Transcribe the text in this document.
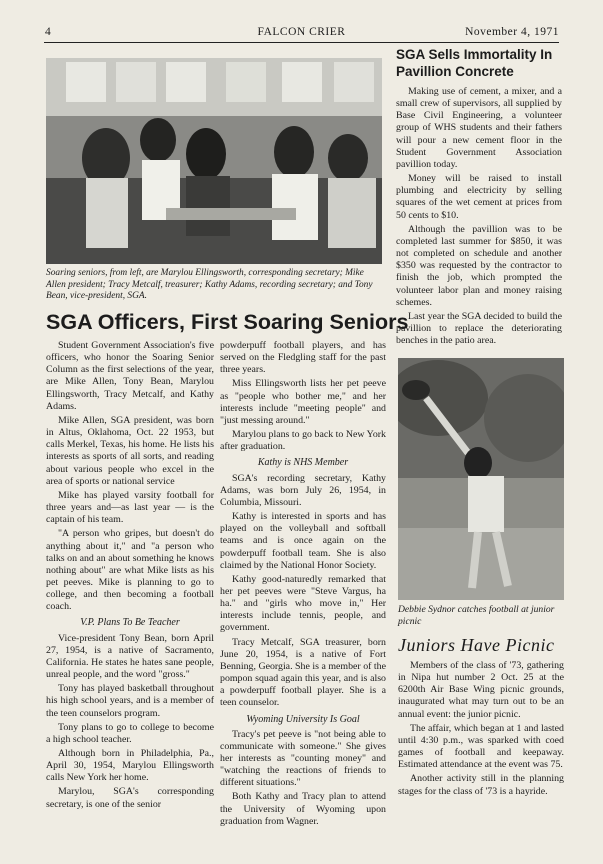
4	FALCON CRIER	November 4, 1971
Soaring seniors, from left, are Marylou Ellingsworth, corresponding secretary; Mike Allen president; Tracy Metcalf, treasurer; Kathy Adams, recording secretary; and Tony Bean, vice-president, SGA.
SGA Officers, First Soaring Seniors

Student Government Association's five officers, who honor the Soaring Senior Column as the first selections of the year, are Mike Allen, Tony Bean, Marylou Ellingsworth, Tracy Metcalf, and Kathy Adams.

Mike Allen, SGA president, was born in Altus, Oklahoma, Oct. 22 1953, but calls Merkel, Texas, his home. He lists his interests as sports of all sorts, and reading about various people who excel in the area of sports or national service

Mike has played varsity football for three years and—as last year — is the captain of his team.

"A person who gripes, but doesn't do anything about it," and "a person who talks on and an about something he knows nothing about" are what Mike lists as his pet peeves. Mike is planning to go to college, and then becoming a football coach.

V.P. Plans To Be Teacher

Vice-president Tony Bean, born April 27, 1954, is a native of Sacramento, California. He states he hates sane people, unreal people, and the word "gross."

Tony has played basketball throughout his high school years, and is a member of the teen counselors program.

Tony plans to go to college to become a high school teacher.

Although born in Philadelphia, Pa., April 30, 1954, Marylou Ellingsworth calls New York her home.

Marylou, SGA's corresponding secretary, is one of the senior

powderpuff football players, and has served on the Fledgling staff for the past three years.

Miss Ellingsworth lists her pet peeve as "people who bother me," and her interests include "meeting people" and "just messing around."

Marylou plans to go back to New York after graduation.

Kathy is NHS Member

SGA's recording secretary, Kathy Adams, was born July 26, 1954, in Columbia, Missouri.

Kathy is interested in sports and has played on the volleyball and softball teams and is once again on the powderpuff football team. She is also claimed by the National Honor Society.

Kathy good-naturedly remarked that her pet peeves were "Steve Vargus, ha ha." and "girls who move in," Her interests include tennis, people, and government.

Tracy Metcalf, SGA treasurer, born June 20, 1954, is a native of Fort Benning, Georgia. She is a member of the pompon squad again this year, and is also a powderpuff football player. She is a teen counselor.

Wyoming University Is Goal

Tracy's pet peeve is "not being able to communicate with someone." She gives her interests as "counting money" and "watching the reactions of friends to different situations."

Both Kathy and Tracy plan to attend the University of Wyoming upon graduation from Wagner.

SGA Sells Immortality In Pavillion Concrete

Making use of cement, a mixer, and a small crew of supervisors, all supplied by Base Civil Engineering, a volunteer group of WHS students and their fathers will pour a new cement floor in the Student Government Association pavillion today.

Money will be raised to install plumbing and electricity by selling squares of the wet cement at prices from 50 cents to $10.

Although the pavillion was to be completed last summer for $850, it was not completed on schedule and another $350 was requested by the contractor to finish the job, which prompted the volunteer labor plan and money raising schemes.

Last year the SGA decided to build the pavillion to replace the deteriorating benches in the patio area.

Debbie Sydnor catches football at junior picnic
Juniors Have Picnic

Members of the class of '73, gathering in Nipa hut number 2 Oct. 25 at the 6200th Air Base Wing picnic grounds, inaugurated what may turn out to be an annual event: the junior picnic.

The affair, which began at 1 and lasted until 4:30 p.m., was sparked with coed games of football and keepaway. Estimated attendance at the event was 75.

Another activity still in the planning stages for the class of '73 is a hayride.
